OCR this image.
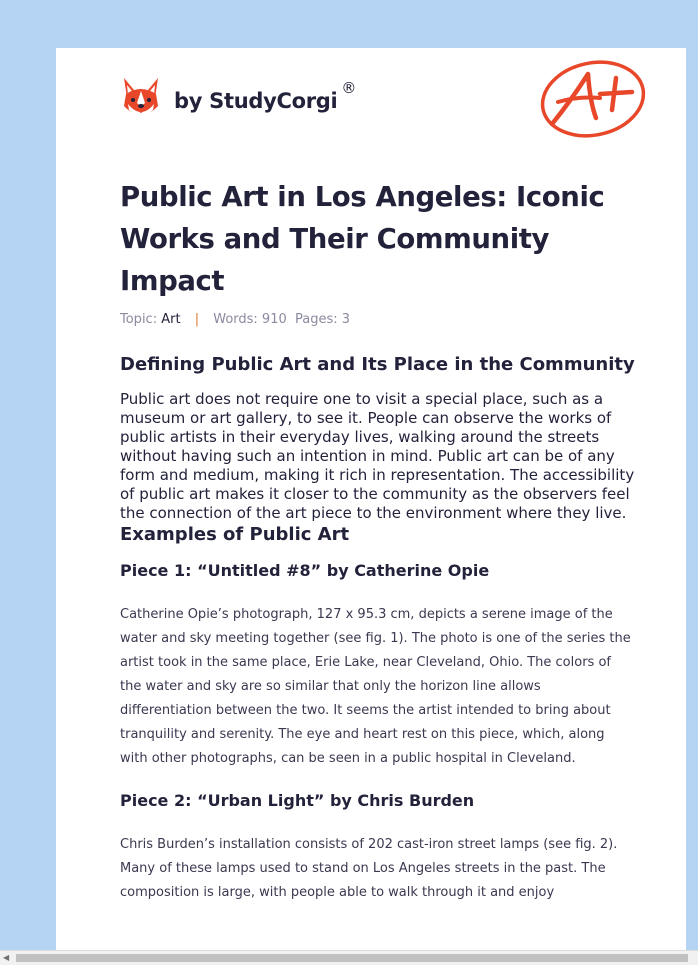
by StudyCorgi
®
Public Art in Los Angeles: Iconic Works and Their Community Impact
Topic: Art | Words: 910 Pages: 3
Defining Public Art and Its Place in the Community

Public art does not require one to visit a special place, such as a museum or art gallery, to see it. People can observe the works of public artists in their everyday lives, walking around the streets without having such an intention in mind. Public art can be of any form and medium, making it rich in representation. The accessibility of public art makes it closer to the community as the observers feel the connection of the art piece to the environment where they live.

Examples of Public Art
Piece 1: “Untitled #8” by Catherine Opie

Catherine Opie’s photograph, 127 x 95.3 cm, depicts a serene image of the water and sky meeting together (see fig. 1). The photo is one of the series the artist took in the same place, Erie Lake, near Cleveland, Ohio. The colors of the water and sky are so similar that only the horizon line allows differentiation between the two. It seems the artist intended to bring about tranquility and serenity. The eye and heart rest on this piece, which, along with other photographs, can be seen in a public hospital in Cleveland.

Piece 2: “Urban Light” by Chris Burden

Chris Burden’s installation consists of 202 cast-iron street lamps (see fig. 2). Many of these lamps used to stand on Los Angeles streets in the past. The composition is large, with people able to walk through it and enjoy

◀
